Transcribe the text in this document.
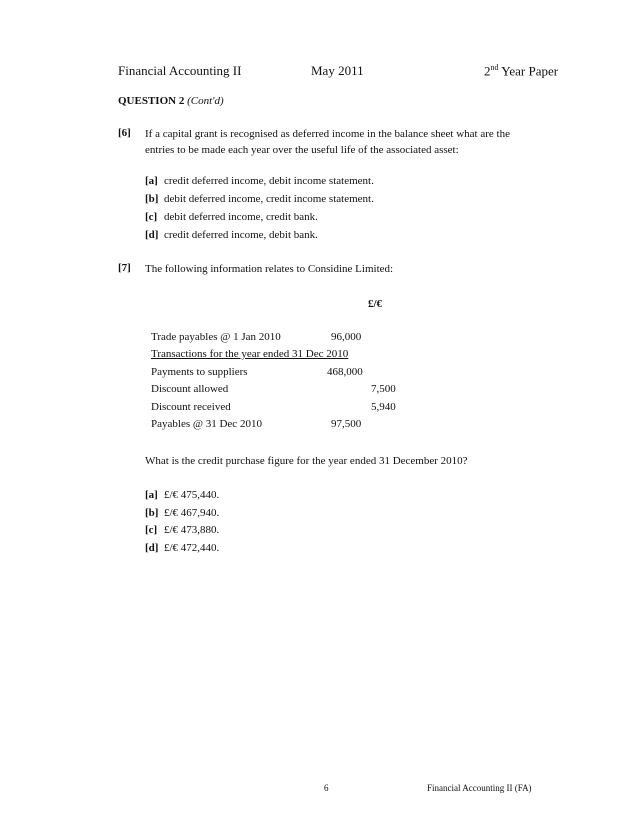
Financial Accounting II	May 2011	2nd Year Paper
QUESTION 2 (Cont'd)
[6] If a capital grant is recognised as deferred income in the balance sheet what are the entries to be made each year over the useful life of the associated asset:
[a] credit deferred income, debit income statement.
[b] debit deferred income, credit income statement.
[c] debit deferred income, credit bank.
[d] credit deferred income, debit bank.
[7] The following information relates to Considine Limited:
£/€
Trade payables @ 1 Jan 2010	96,000
Transactions for the year ended 31 Dec 2010
Payments to suppliers	468,000
Discount allowed	7,500
Discount received	5,940
Payables @ 31 Dec 2010	97,500
What is the credit purchase figure for the year ended 31 December 2010?
[a] £/€ 475,440.
[b] £/€ 467,940.
[c] £/€ 473,880.
[d] £/€ 472,440.
6	Financial Accounting II (FA)
